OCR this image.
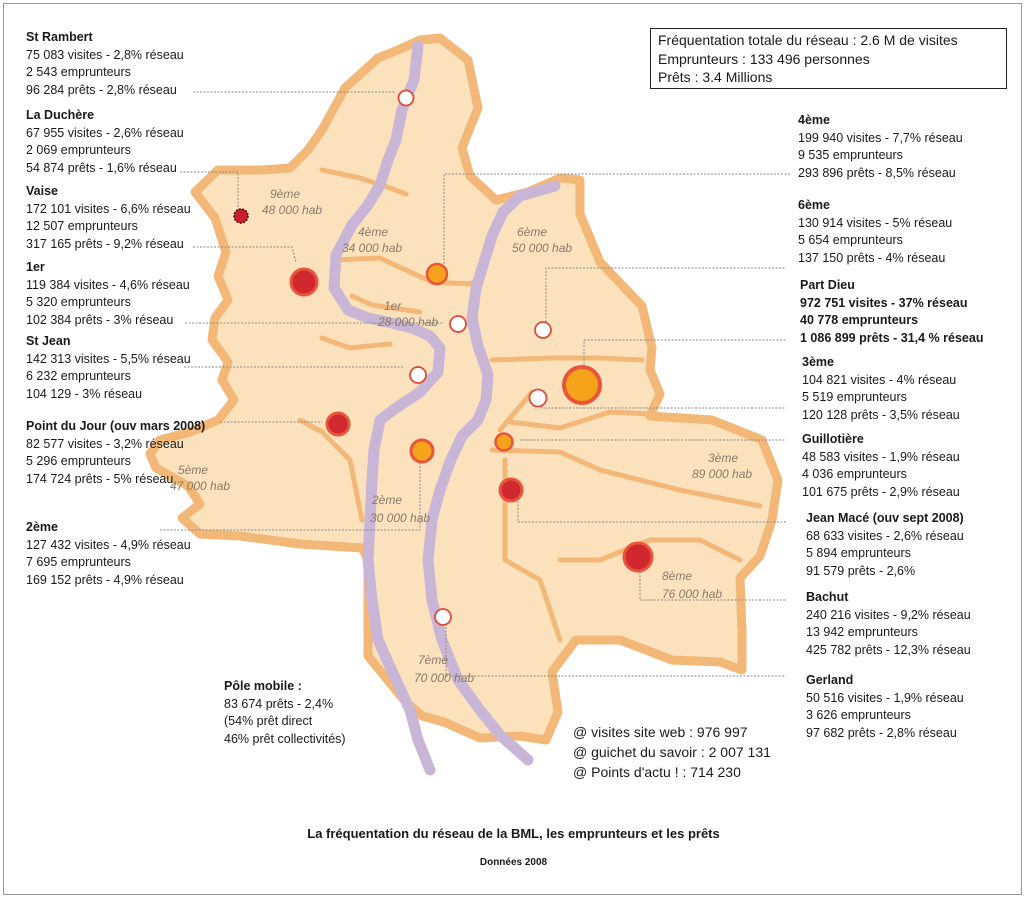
9ème
48 000 hab
4ème
34 000 hab
6ème
50 000 hab
1er
28 000 hab
5ème
47 000 hab
2ème
30 000 hab
3ème
89 000 hab
8ème
76 000 hab
7ème
70 000 hab
Fréquentation totale du réseau : 2.6 M de visites
Emprunteurs : 133 496 personnes
Prêts : 3.4 Millions
St Rambert
75 083 visites - 2,8% réseau
2 543 emprunteurs
96 284 prêts - 2,8% réseau
La Duchère
67 955 visites - 2,6% réseau
2 069 emprunteurs
54 874 prêts - 1,6% réseau
Vaise
172 101 visites - 6,6% réseau
12 507 emprunteurs
317 165 prêts - 9,2% réseau
1er
119 384 visites - 4,6% réseau
5 320 emprunteurs
102 384 prêts - 3% réseau
St Jean
142 313 visites - 5,5% réseau
6 232 emprunteurs
104 129 - 3% réseau
Point du Jour (ouv mars 2008)
82 577 visites - 3,2% réseau
5 296 emprunteurs
174 724 prêts - 5% réseau
2ème
127 432 visites - 4,9% réseau
7 695 emprunteurs
169 152 prêts - 4,9% réseau
Pôle mobile :
83 674 prêts - 2,4%
(54% prêt direct
46% prêt collectivités)
4ème
199 940 visites - 7,7% réseau
9 535 emprunteurs
293 896 prêts - 8,5% réseau
6ème
130 914 visites - 5% réseau
5 654 emprunteurs
137 150 prêts - 4% réseau
Part Dieu
972 751 visites - 37% réseau
40 778 emprunteurs
1 086 899 prêts - 31,4 % réseau
3ème
104 821 visites - 4% réseau
5 519 emprunteurs
120 128 prêts - 3,5% réseau
Guillotière
48 583 visites - 1,9% réseau
4 036 emprunteurs
101 675 prêts - 2,9% réseau
Jean Macé (ouv sept 2008)
68 633 visites - 2,6% réseau
5 894 emprunteurs
91 579 prêts - 2,6%
Bachut
240 216 visites - 9,2% réseau
13 942 emprunteurs
425 782 prêts - 12,3% réseau
Gerland
50 516 visites - 1,9% réseau
3 626 emprunteurs
97 682 prêts - 2,8% réseau
@ visites site web : 976 997
@ guichet du savoir : 2 007 131
@ Points d'actu ! : 714 230
La fréquentation du réseau de la BML, les emprunteurs et les prêts
Données 2008
